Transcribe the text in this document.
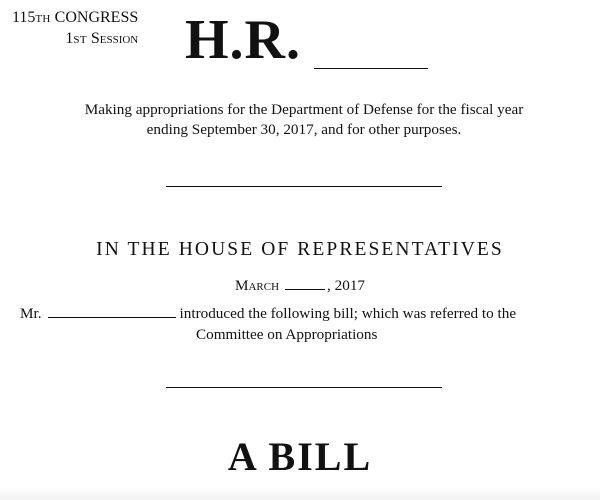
115TH CONGRESS
1ST Session H.R.
Making appropriations for the Department of Defense for the fiscal year
ending September 30, 2017, and for other purposes.
IN THE HOUSE OF REPRESENTATIVES
March	, 2017
Mr.	introduced the following bill; which was referred to the
Committee on Appropriations
A BILL
